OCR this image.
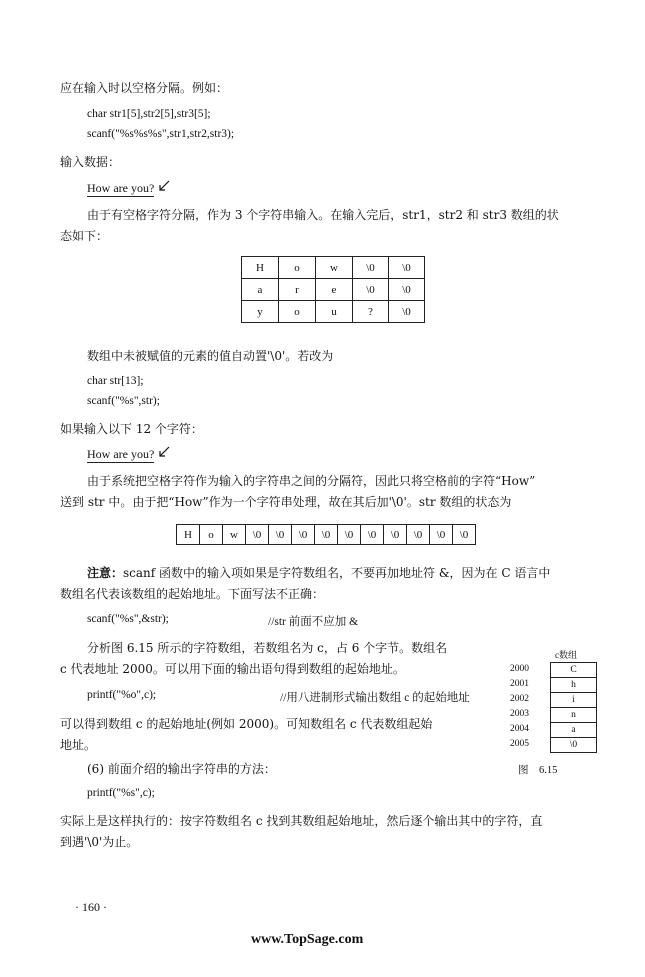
应在输入时以空格分隔。例如：
char str1[5],str2[5],str3[5];
scanf("%s%s%s",str1,str2,str3);
输入数据：
How are you?
由于有空格字符分隔，作为 3 个字符串输入。在输入完后，str1，str2 和 str3 数组的状
态如下：
H	o	w	\0	\0
a	r	e	\0	\0
y	o	u	?	\0
数组中未被赋值的元素的值自动置'\0'。若改为
char str[13];
scanf("%s",str);
如果输入以下 12 个字符：
How are you?
由于系统把空格字符作为输入的字符串之间的分隔符，因此只将空格前的字符“How”
送到 str 中。由于把“How”作为一个字符串处理，故在其后加'\0'。str 数组的状态为
H	o	w	\0	\0	\0	\0	\0	\0	\0	\0	\0	\0
注意：scanf 函数中的输入项如果是字符数组名，不要再加地址符 &，因为在 C 语言中
数组名代表该数组的起始地址。下面写法不正确：
scanf("%s",&str);	//str 前面不应加 &
分析图 6.15 所示的字符数组，若数组名为 c，占 6 个字节。数组名
c 代表地址 2000。可以用下面的输出语句得到数组的起始地址。
printf("%o",c);	//用八进制形式输出数组 c 的起始地址
可以得到数组 c 的起始地址(例如 2000)。可知数组名 c 代表数组起始
地址。
(6) 前面介绍的输出字符串的方法：
printf("%s",c);
实际上是这样执行的：按字符数组名 c 找到其数组起始地址，然后逐个输出其中的字符，直
到遇'\0'为止。
c数组
2000	C
2001	h
2002	i
2003	n
2004	a
2005	\0
图　6.15
· 160 ·
www.TopSage.com
